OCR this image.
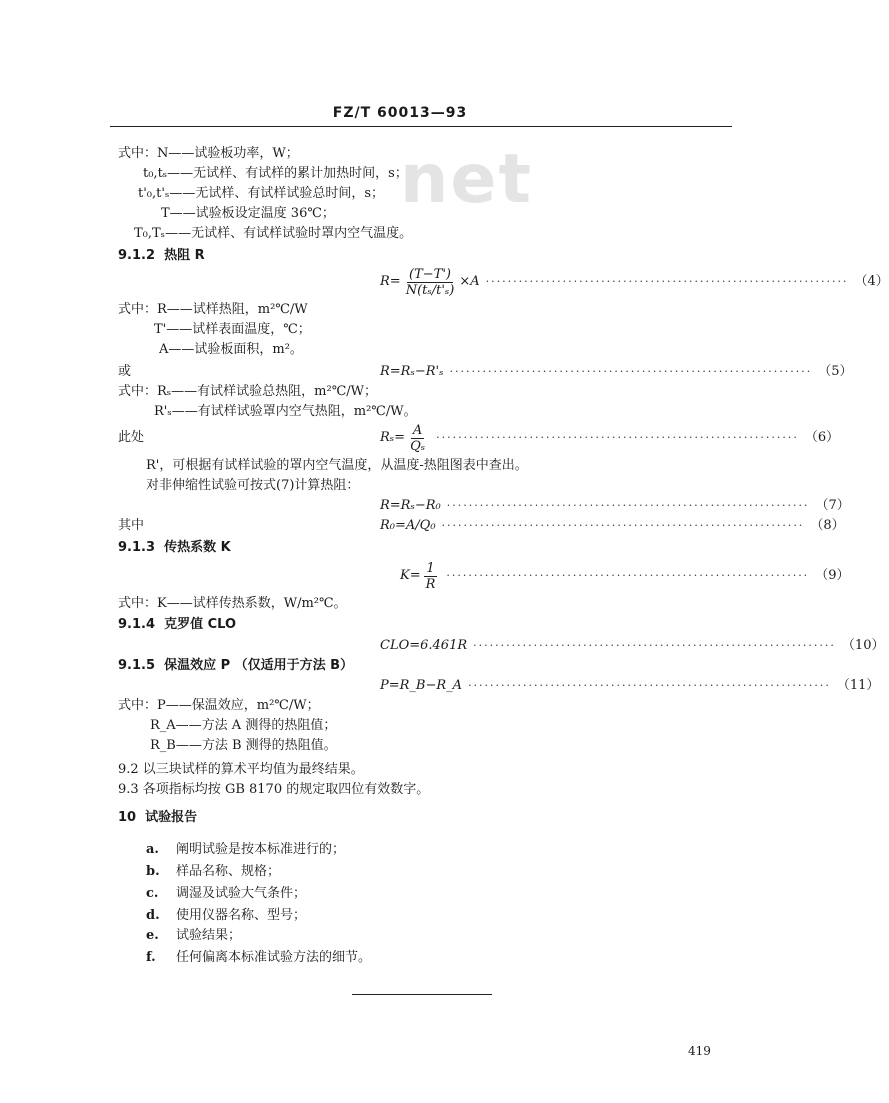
net
FZ/T 60013—93
式中：N——试验板功率，W；
t₀,tₛ——无试样、有试样的累计加热时间，s；
t'₀,t'ₛ——无试样、有试样试验总时间，s；
T——试验板设定温度 36℃；
T₀,Tₛ——无试样、有试样试验时罩内空气温度。
9.1.2 热阻 R
$R= \frac{(T-T')}{\text{N(tₛ/t'ₛ)}} \times A$ ·································································· （4）
式中：R——试样热阻，m²℃/W
T'——试样表面温度，℃；
A——试验板面积，m²。
或	R=Rₛ−R'ₛ ·································································· （5）
式中：Rₛ——有试样试验总热阻，m²℃/W；
R'ₛ——有试样试验罩内空气热阻，m²℃/W。
此处	$R_s= \frac{A}{\text{Qₛ}}$ ·································································· （6）
R'，可根据有试样试验的罩内空气温度，从温度-热阻图表中查出。
对非伸缩性试验可按式(7)计算热阻：
R=Rₛ−R₀ ·································································· （7）
其中	R₀=A/Q₀ ·································································· （8）
9.1.3 传热系数 K
$K= \frac{1}{R}$ ·································································· （9）
式中：K——试样传热系数，W/m²℃。
9.1.4 克罗值 CLO
CLO=6.461R ·································································· （10）
9.1.5 保温效应 P （仅适用于方法 B）
P=R_B−R_A ·································································· （11）
式中：P——保温效应，m²℃/W；
R_A——方法 A 测得的热阻值；
R_B——方法 B 测得的热阻值。
9.2 以三块试样的算术平均值为最终结果。
9.3 各项指标均按 GB 8170 的规定取四位有效数字。
10 试验报告
a. 阐明试验是按本标准进行的；
b. 样品名称、规格；
c. 调湿及试验大气条件；
d. 使用仪器名称、型号；
e. 试验结果；
f. 任何偏离本标准试验方法的细节。
419
